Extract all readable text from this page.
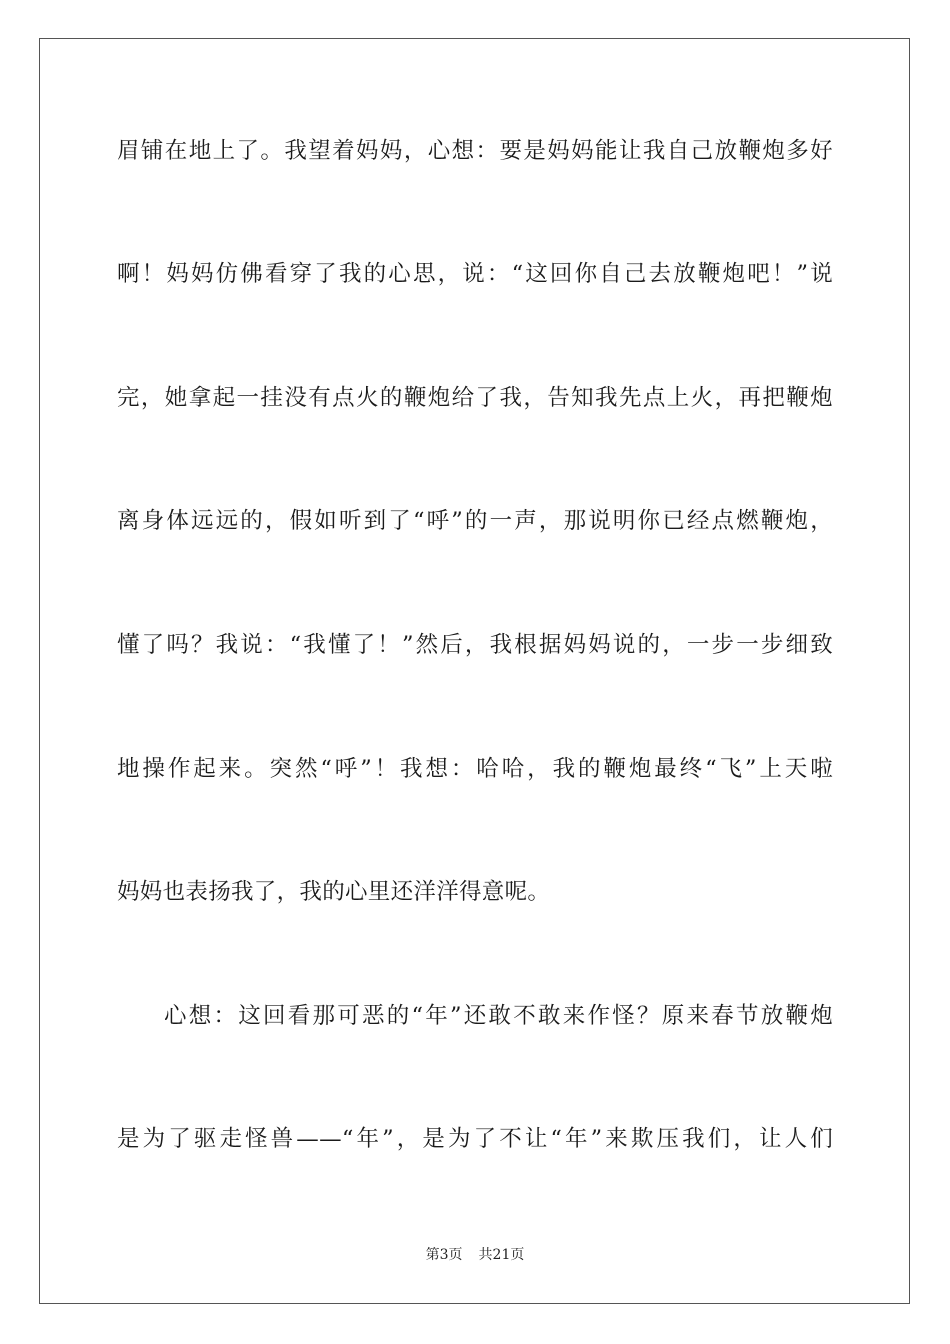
眉铺在地上了。我望着妈妈，心想：要是妈妈能让我自己放鞭炮多好
啊！妈妈仿佛看穿了我的心思，说：“这回你自己去放鞭炮吧！”说
完，她拿起一挂没有点火的鞭炮给了我，告知我先点上火，再把鞭炮
离身体远远的，假如听到了“呼”的一声，那说明你已经点燃鞭炮，
懂了吗？我说：“我懂了！”然后，我根据妈妈说的，一步一步细致
地操作起来。突然“呼”！我想：哈哈，我的鞭炮最终“飞”上天啦
妈妈也表扬我了，我的心里还洋洋得意呢。
心想：这回看那可恶的“年”还敢不敢来作怪？原来春节放鞭炮
是为了驱走怪兽——“年”，是为了不让“年”来欺压我们，让人们
第3页 共21页
